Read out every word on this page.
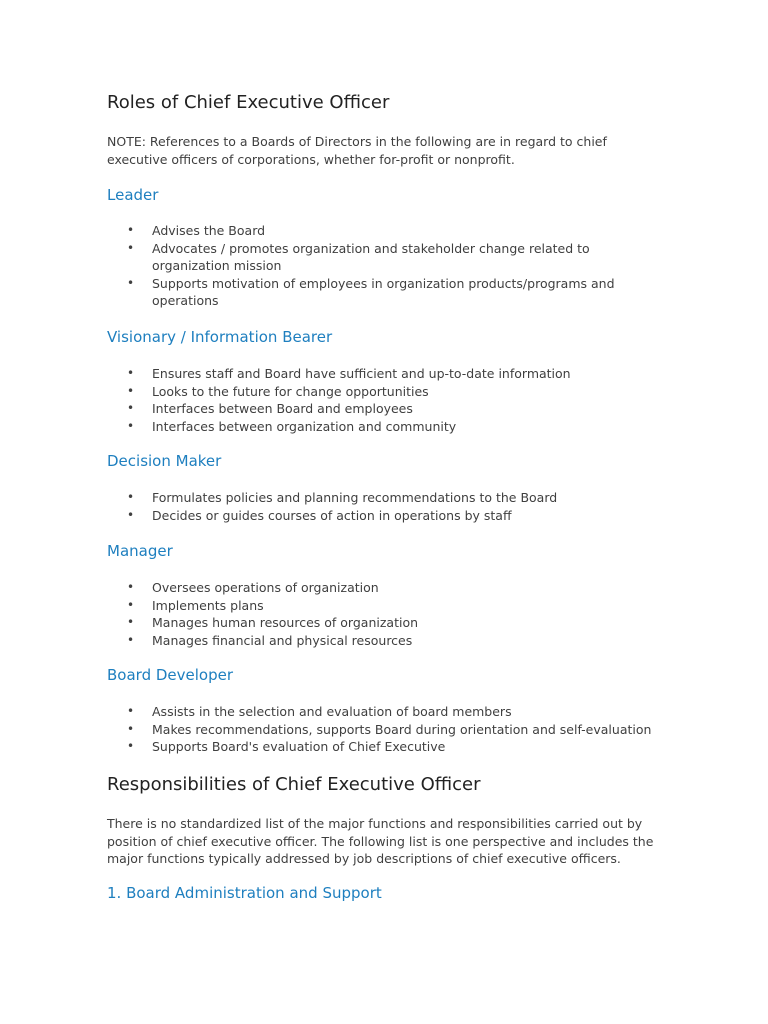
Roles of Chief Executive Officer

NOTE: References to a Boards of Directors in the following are in regard to chief
executive officers of corporations, whether for-profit or nonprofit.

Leader
• Advises the Board
• Advocates / promotes organization and stakeholder change related to
organization mission
• Supports motivation of employees in organization products/programs and
operations
Visionary / Information Bearer
• Ensures staff and Board have sufficient and up-to-date information
• Looks to the future for change opportunities
• Interfaces between Board and employees
• Interfaces between organization and community
Decision Maker
• Formulates policies and planning recommendations to the Board
• Decides or guides courses of action in operations by staff
Manager
• Oversees operations of organization
• Implements plans
• Manages human resources of organization
• Manages financial and physical resources
Board Developer
• Assists in the selection and evaluation of board members
• Makes recommendations, supports Board during orientation and self-evaluation
• Supports Board's evaluation of Chief Executive
Responsibilities of Chief Executive Officer

There is no standardized list of the major functions and responsibilities carried out by
position of chief executive officer. The following list is one perspective and includes the
major functions typically addressed by job descriptions of chief executive officers.

1. Board Administration and Support
